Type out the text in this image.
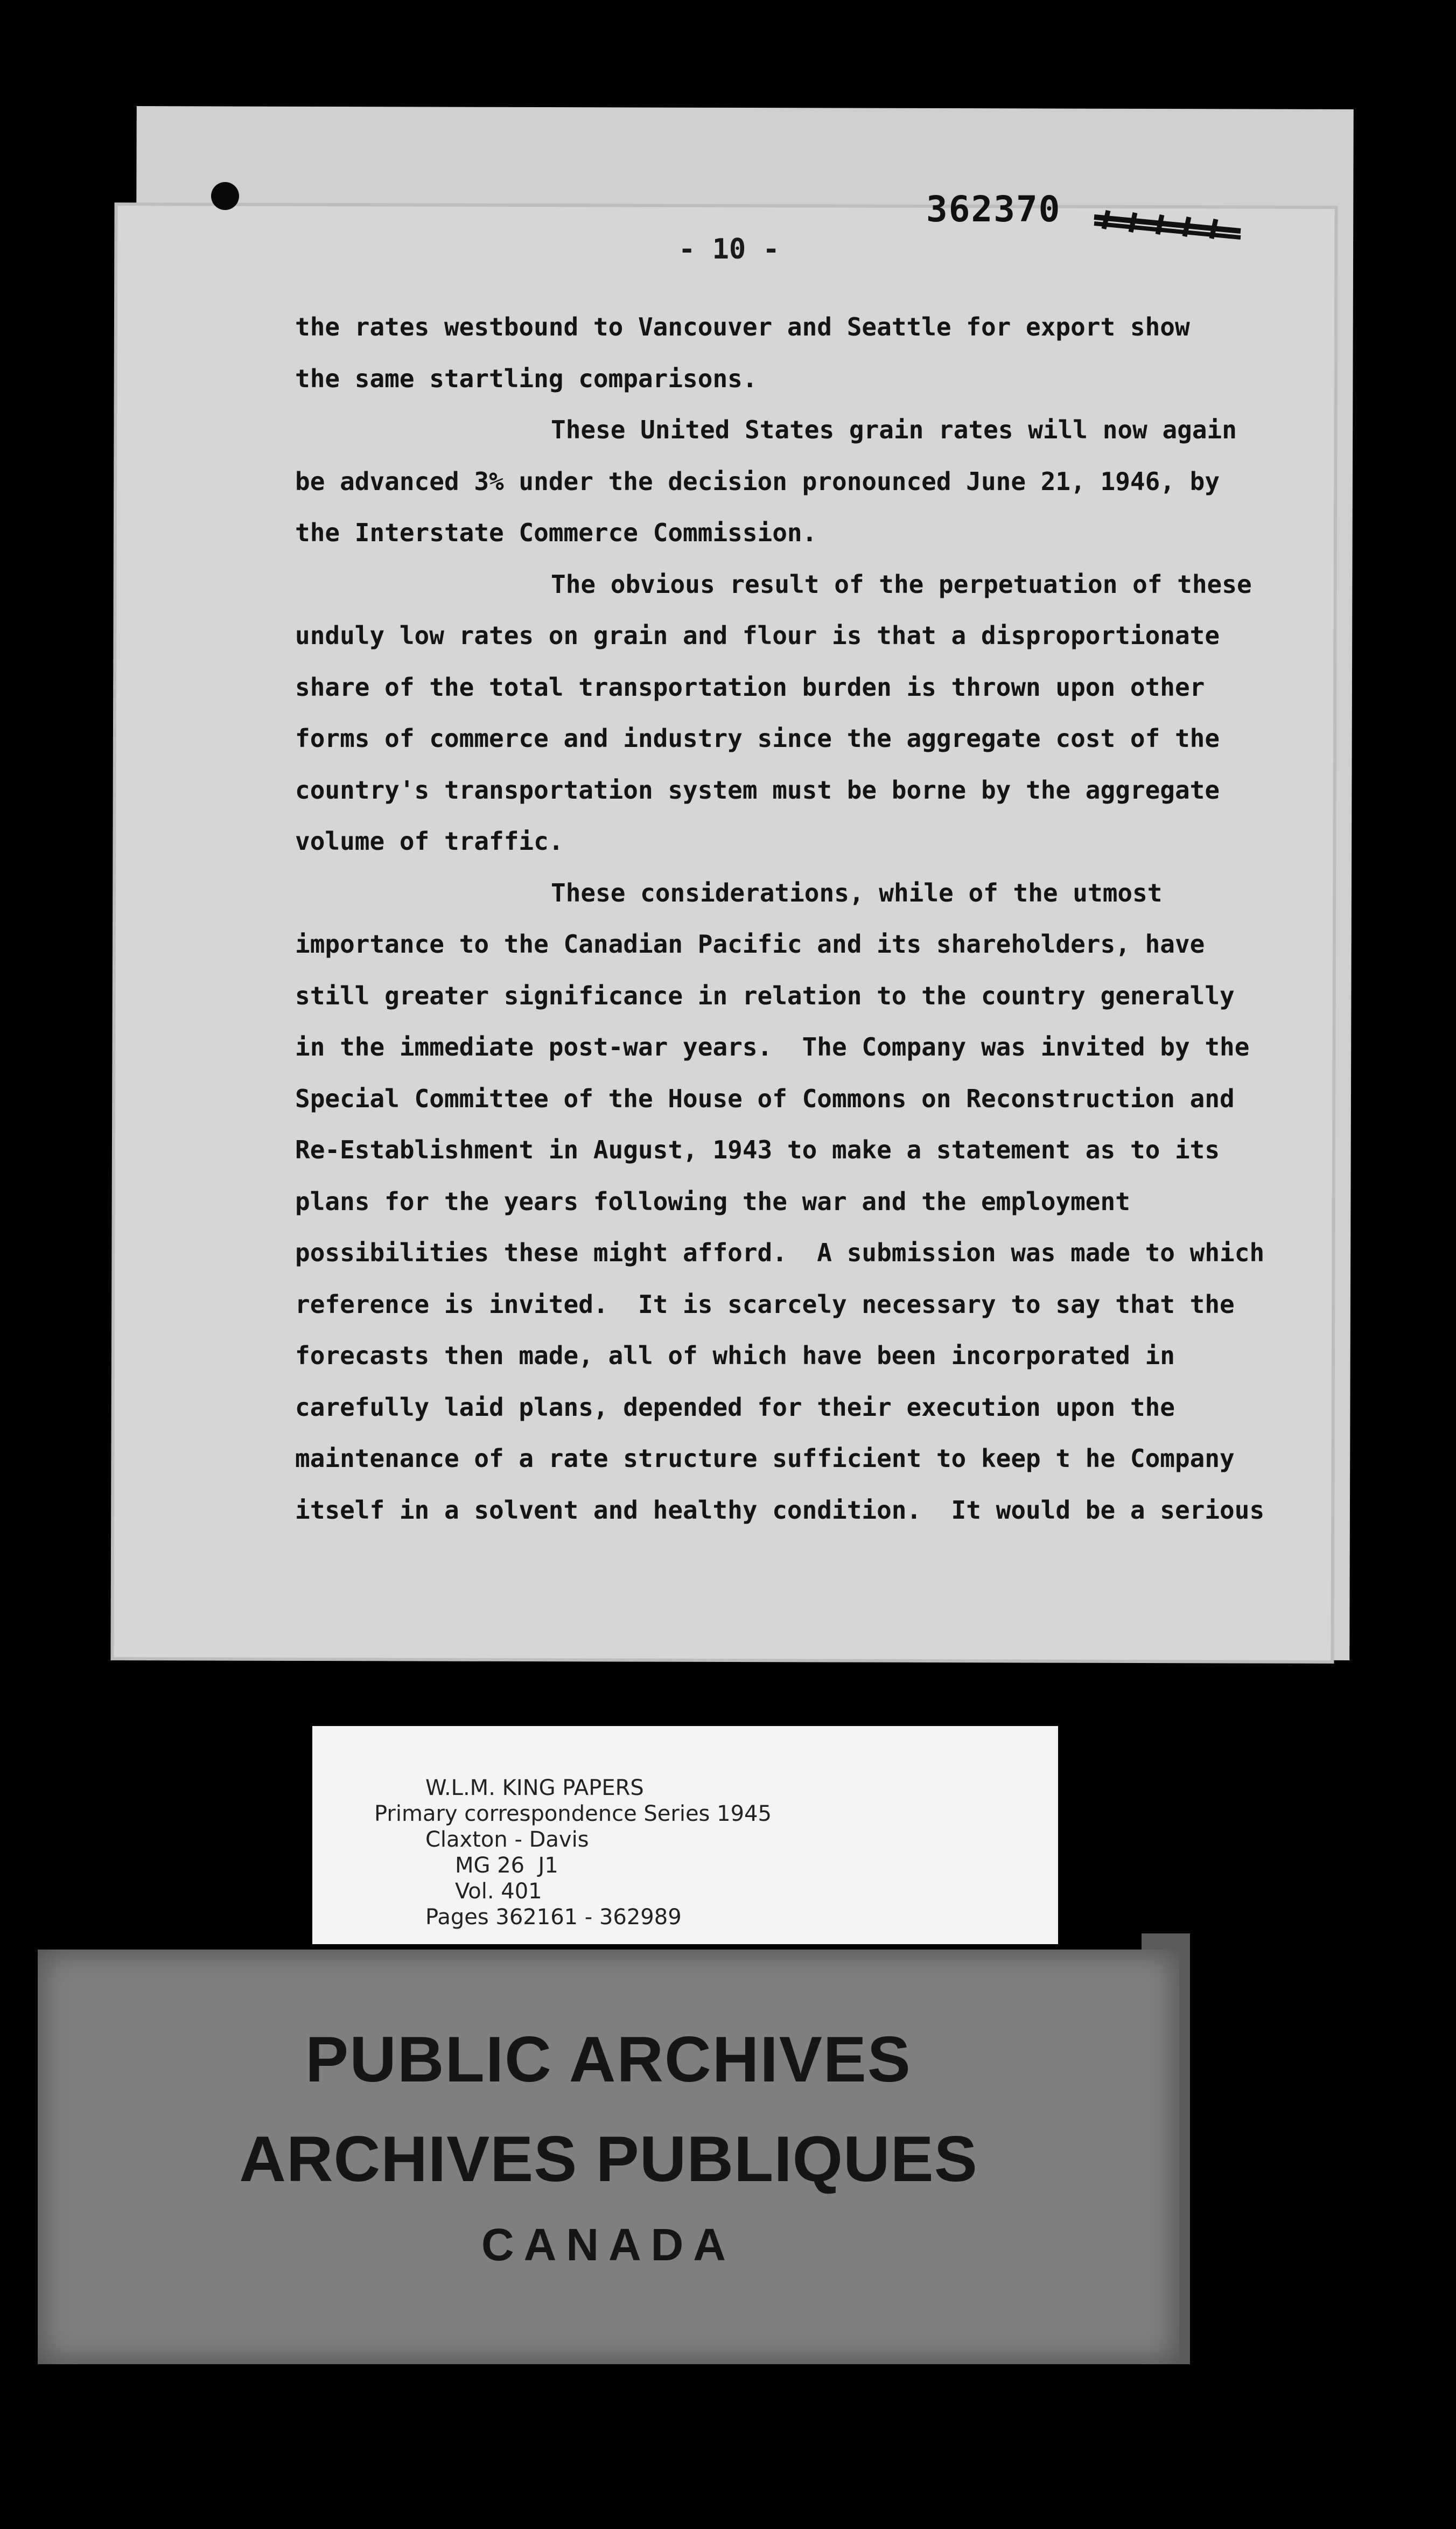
362370
- 10 -
the rates westbound to Vancouver and Seattle for export show
the same startling comparisons.
These United States grain rates will now again
be advanced 3% under the decision pronounced June 21, 1946, by
the Interstate Commerce Commission.
The obvious result of the perpetuation of these
unduly low rates on grain and flour is that a disproportionate
share of the total transportation burden is thrown upon other
forms of commerce and industry since the aggregate cost of the
country's transportation system must be borne by the aggregate
volume of traffic.
These considerations, while of the utmost
importance to the Canadian Pacific and its shareholders, have
still greater significance in relation to the country generally
in the immediate post-war years.  The Company was invited by the
Special Committee of the House of Commons on Reconstruction and
Re-Establishment in August, 1943 to make a statement as to its
plans for the years following the war and the employment
possibilities these might afford.  A submission was made to which
reference is invited.  It is scarcely necessary to say that the
forecasts then made, all of which have been incorporated in
carefully laid plans, depended for their execution upon the
maintenance of a rate structure sufficient to keep t he Company
itself in a solvent and healthy condition.  It would be a serious
W.L.M. KING PAPERS
Primary correspondence Series 1945
Claxton - Davis
MG 26  J1
Vol. 401
Pages 362161 - 362989
PUBLIC ARCHIVES
ARCHIVES PUBLIQUES
CANADA
